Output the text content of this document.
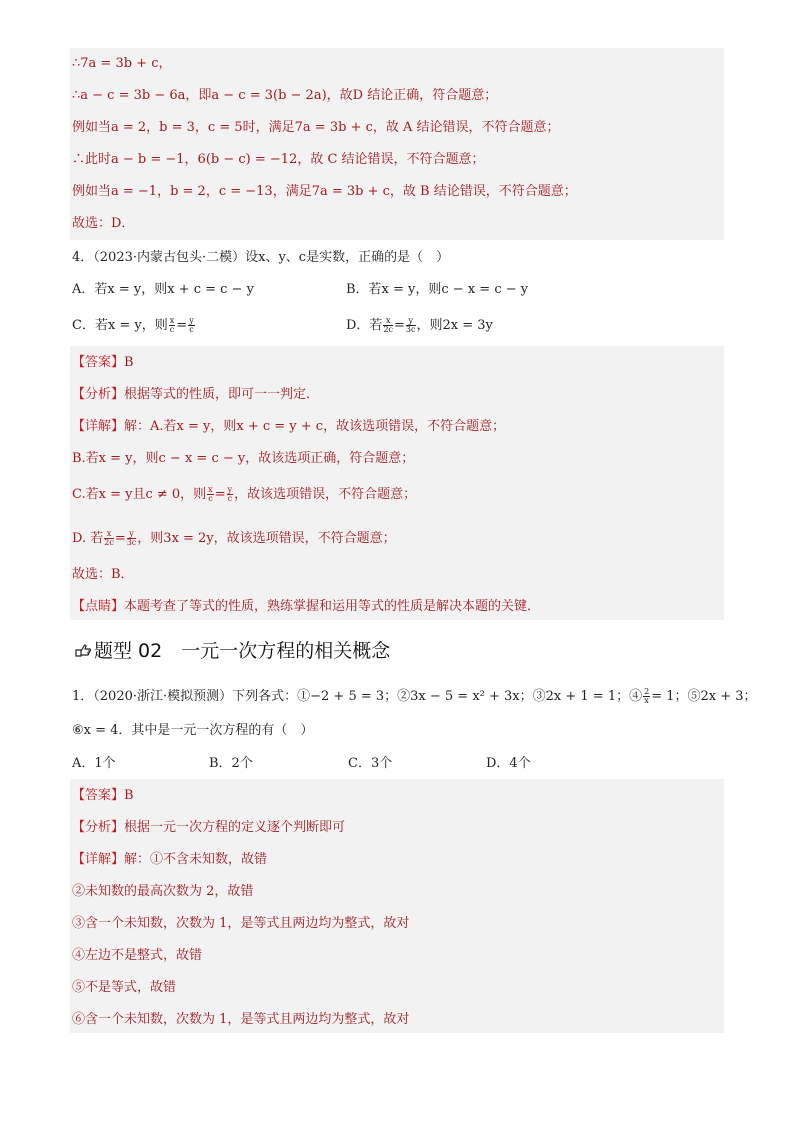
∴7a = 3b + c，
∴a − c = 3b − 6a，即a − c = 3(b − 2a)，故D 结论正确，符合题意；
例如当a = 2，b = 3，c = 5时，满足7a = 3b + c，故 A 结论错误，不符合题意；
∴此时a − b = −1，6(b − c) = −12，故 C 结论错误，不符合题意；
例如当a = −1，b = 2，c = −13，满足7a = 3b + c，故 B 结论错误，不符合题意；
故选：D．
4．（2023·内蒙古包头·二模）设x、y、c是实数，正确的是（　）
A．若x = y，则x + c = c − y	B．若x = y，则c − x = c − y
C．若x = y，则 $\frac{x}{c} = \frac{y}{c}$	D．若 $\frac{x}{2c} = \frac{y}{3c}$ ，则2x = 3y
【答案】B
【分析】根据等式的性质，即可一一判定．
【详解】解：A.若x = y，则x + c = y + c，故该选项错误，不符合题意；
B.若x = y，则c − x = c − y，故该选项正确，符合题意；
C.若x = y且c ≠ 0，则 $\frac{x}{c} = \frac{y}{c}$ ，故该选项错误，不符合题意；
D. 若 $\frac{x}{2c} = \frac{y}{3c}$ ，则3x = 2y，故该选项错误，不符合题意；
故选：B．
【点睛】本题考查了等式的性质，熟练掌握和运用等式的性质是解决本题的关键．
题型 02　一元一次方程的相关概念
1．（2020·浙江·模拟预测）下列各式：①−2 + 5 = 3；②3x − 5 = x² + 3x；③2x + 1 = 1；④ $\frac{2}{x} = 1$；⑤2x + 3；
⑥x = 4．其中是一元一次方程的有（　）
A．1个	B．2个	C．3个	D．4个
【答案】B
【分析】根据一元一次方程的定义逐个判断即可
【详解】解：①不含未知数，故错
②未知数的最高次数为 2，故错
③含一个未知数，次数为 1，是等式且两边均为整式，故对
④左边不是整式，故错
⑤不是等式，故错
⑥含一个未知数，次数为 1，是等式且两边均为整式，故对
